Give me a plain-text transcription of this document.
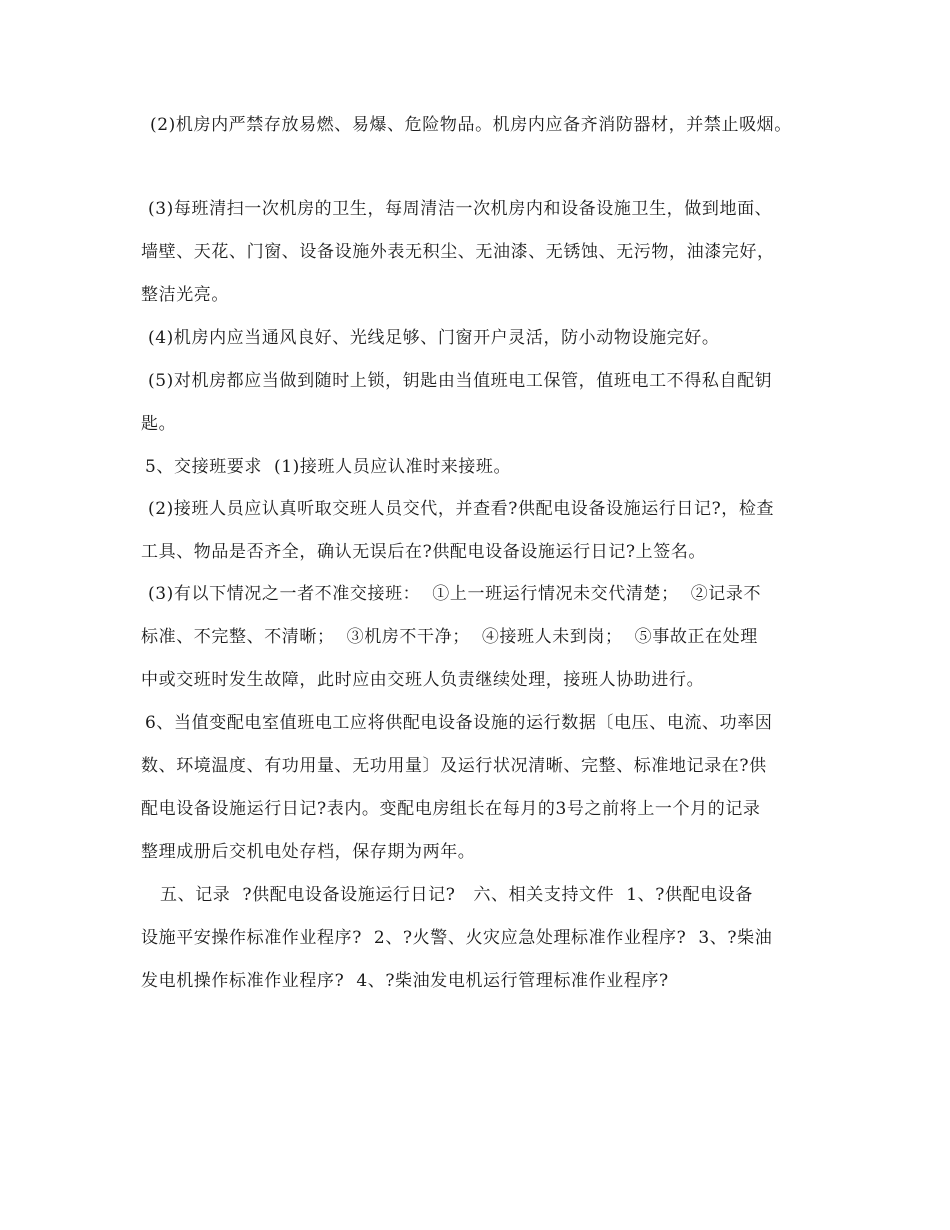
(2)机房内严禁存放易燃、易爆、危险物品。机房内应备齐消防器材，并禁止吸烟。
(3)每班清扫一次机房的卫生，每周清洁一次机房内和设备设施卫生，做到地面、
墙壁、天花、门窗、设备设施外表无积尘、无油漆、无锈蚀、无污物，油漆完好，
整洁光亮。
(4)机房内应当通风良好、光线足够、门窗开户灵活，防小动物设施完好。
(5)对机房都应当做到随时上锁，钥匙由当值班电工保管，值班电工不得私自配钥
匙。
5、交接班要求  (1)接班人员应认准时来接班。
(2)接班人员应认真听取交班人员交代，并查看?供配电设备设施运行日记?，检查
工具、物品是否齐全，确认无误后在?供配电设备设施运行日记?上签名。
(3)有以下情况之一者不准交接班：  ①上一班运行情况未交代清楚；  ②记录不
标准、不完整、不清晰；  ③机房不干净；  ④接班人未到岗；  ⑤事故正在处理
中或交班时发生故障，此时应由交班人负责继续处理，接班人协助进行。
6、当值变配电室值班电工应将供配电设备设施的运行数据〔电压、电流、功率因
数、环境温度、有功用量、无功用量〕及运行状况清晰、完整、标准地记录在?供
配电设备设施运行日记?表内。变配电房组长在每月的3号之前将上一个月的记录
整理成册后交机电处存档，保存期为两年。
五、记录  ?供配电设备设施运行日记?   六、相关支持文件  1、?供配电设备
设施平安操作标准作业程序?  2、?火警、火灾应急处理标准作业程序?  3、?柴油
发电机操作标准作业程序?  4、?柴油发电机运行管理标准作业程序?
